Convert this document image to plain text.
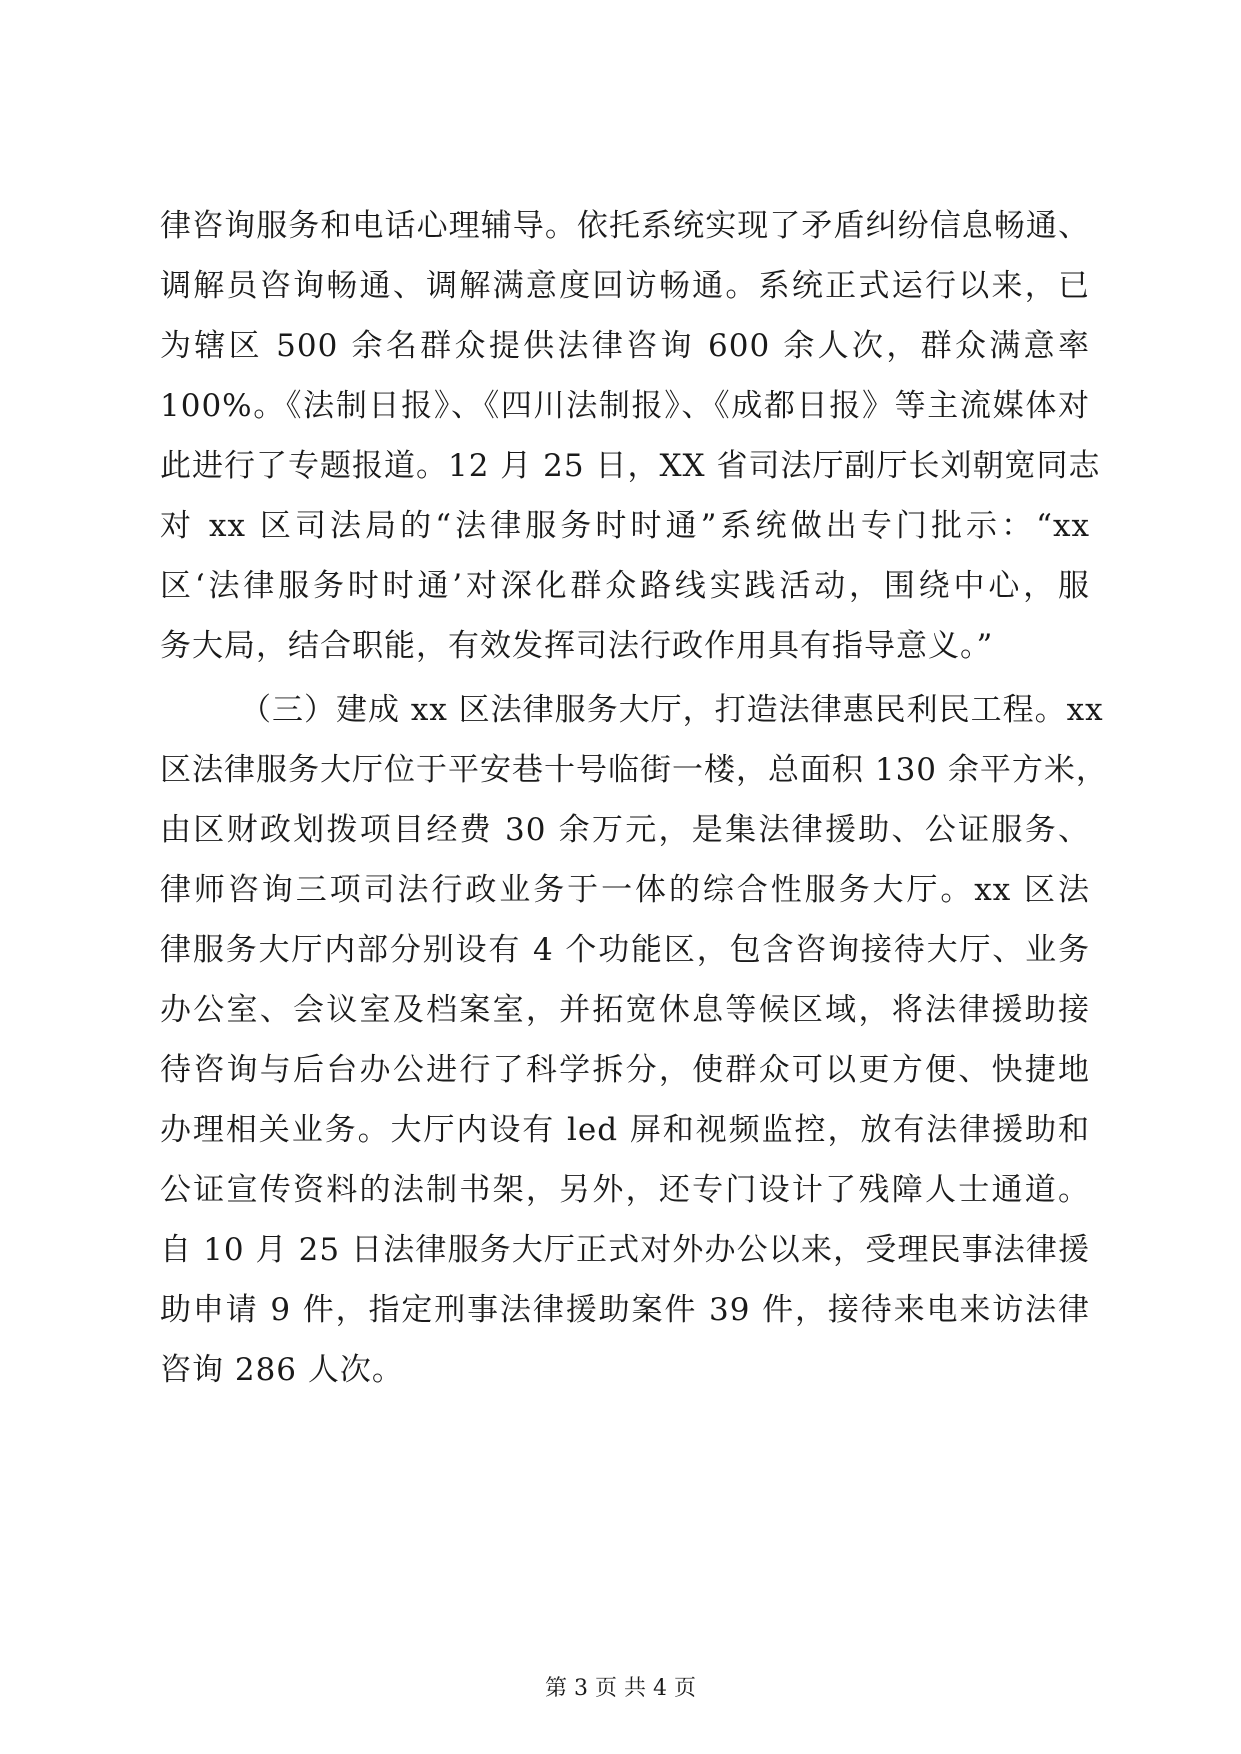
律咨询服务和电话心理辅导。依托系统实现了矛盾纠纷信息畅通、
调解员咨询畅通、调解满意度回访畅通。系统正式运行以来，已
为辖区 500 余名群众提供法律咨询 600 余人次，群众满意率
100%。《法制日报》、《四川法制报》、《成都日报》等主流媒体对
此进行了专题报道。12 月 25 日，XX 省司法厅副厅长刘朝宽同志
对 xx 区司法局的“法律服务时时通”系统做出专门批示：“xx
区‘法律服务时时通’对深化群众路线实践活动，围绕中心，服
务大局，结合职能，有效发挥司法行政作用具有指导意义。”
（三）建成 xx 区法律服务大厅，打造法律惠民利民工程。xx
区法律服务大厅位于平安巷十号临街一楼，总面积 130 余平方米，
由区财政划拨项目经费 30 余万元，是集法律援助、公证服务、
律师咨询三项司法行政业务于一体的综合性服务大厅。xx 区法
律服务大厅内部分别设有 4 个功能区，包含咨询接待大厅、业务
办公室、会议室及档案室，并拓宽休息等候区域，将法律援助接
待咨询与后台办公进行了科学拆分，使群众可以更方便、快捷地
办理相关业务。大厅内设有 led 屏和视频监控，放有法律援助和
公证宣传资料的法制书架，另外，还专门设计了残障人士通道。
自 10 月 25 日法律服务大厅正式对外办公以来，受理民事法律援
助申请 9 件，指定刑事法律援助案件 39 件，接待来电来访法律
咨询 286 人次。
第 3 页 共 4 页
